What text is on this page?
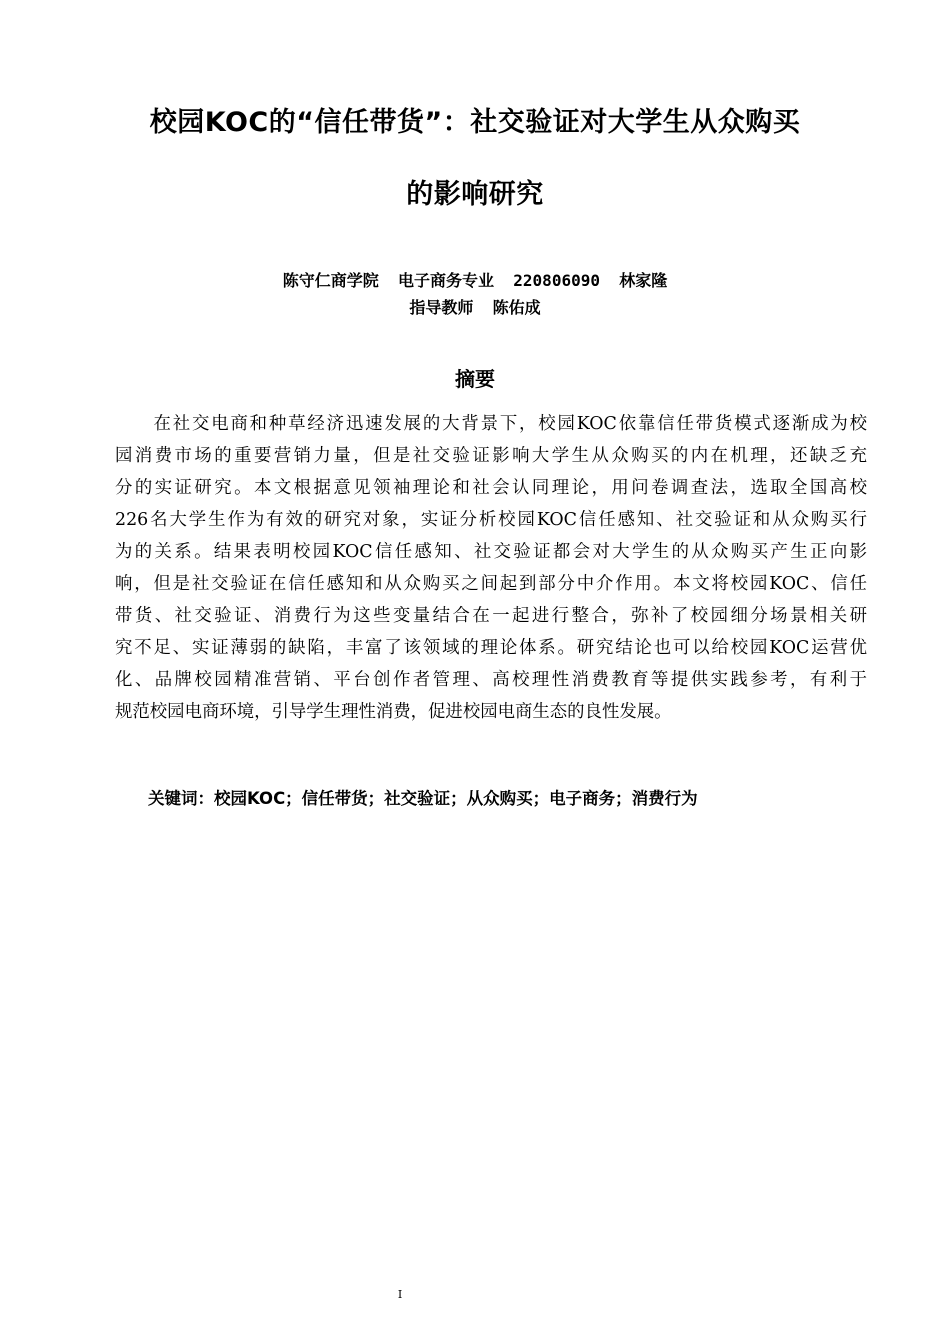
校园KOC的“信任带货”：社交验证对大学生从众购买
的影响研究
陈守仁商学院  电子商务专业  220806090  林家隆
指导教师  陈佑成
摘要
　　在社交电商和种草经济迅速发展的大背景下，校园KOC依靠信任带货模式逐渐成为校
园消费市场的重要营销力量，但是社交验证影响大学生从众购买的内在机理，还缺乏充
分的实证研究。本文根据意见领袖理论和社会认同理论，用问卷调查法，选取全国高校
226名大学生作为有效的研究对象，实证分析校园KOC信任感知、社交验证和从众购买行
为的关系。结果表明校园KOC信任感知、社交验证都会对大学生的从众购买产生正向影
响，但是社交验证在信任感知和从众购买之间起到部分中介作用。本文将校园KOC、信任
带货、社交验证、消费行为这些变量结合在一起进行整合，弥补了校园细分场景相关研
究不足、实证薄弱的缺陷，丰富了该领域的理论体系。研究结论也可以给校园KOC运营优
化、品牌校园精准营销、平台创作者管理、高校理性消费教育等提供实践参考，有利于
规范校园电商环境，引导学生理性消费，促进校园电商生态的良性发展。
关键词：校园KOC；信任带货；社交验证；从众购买；电子商务；消费行为
I
